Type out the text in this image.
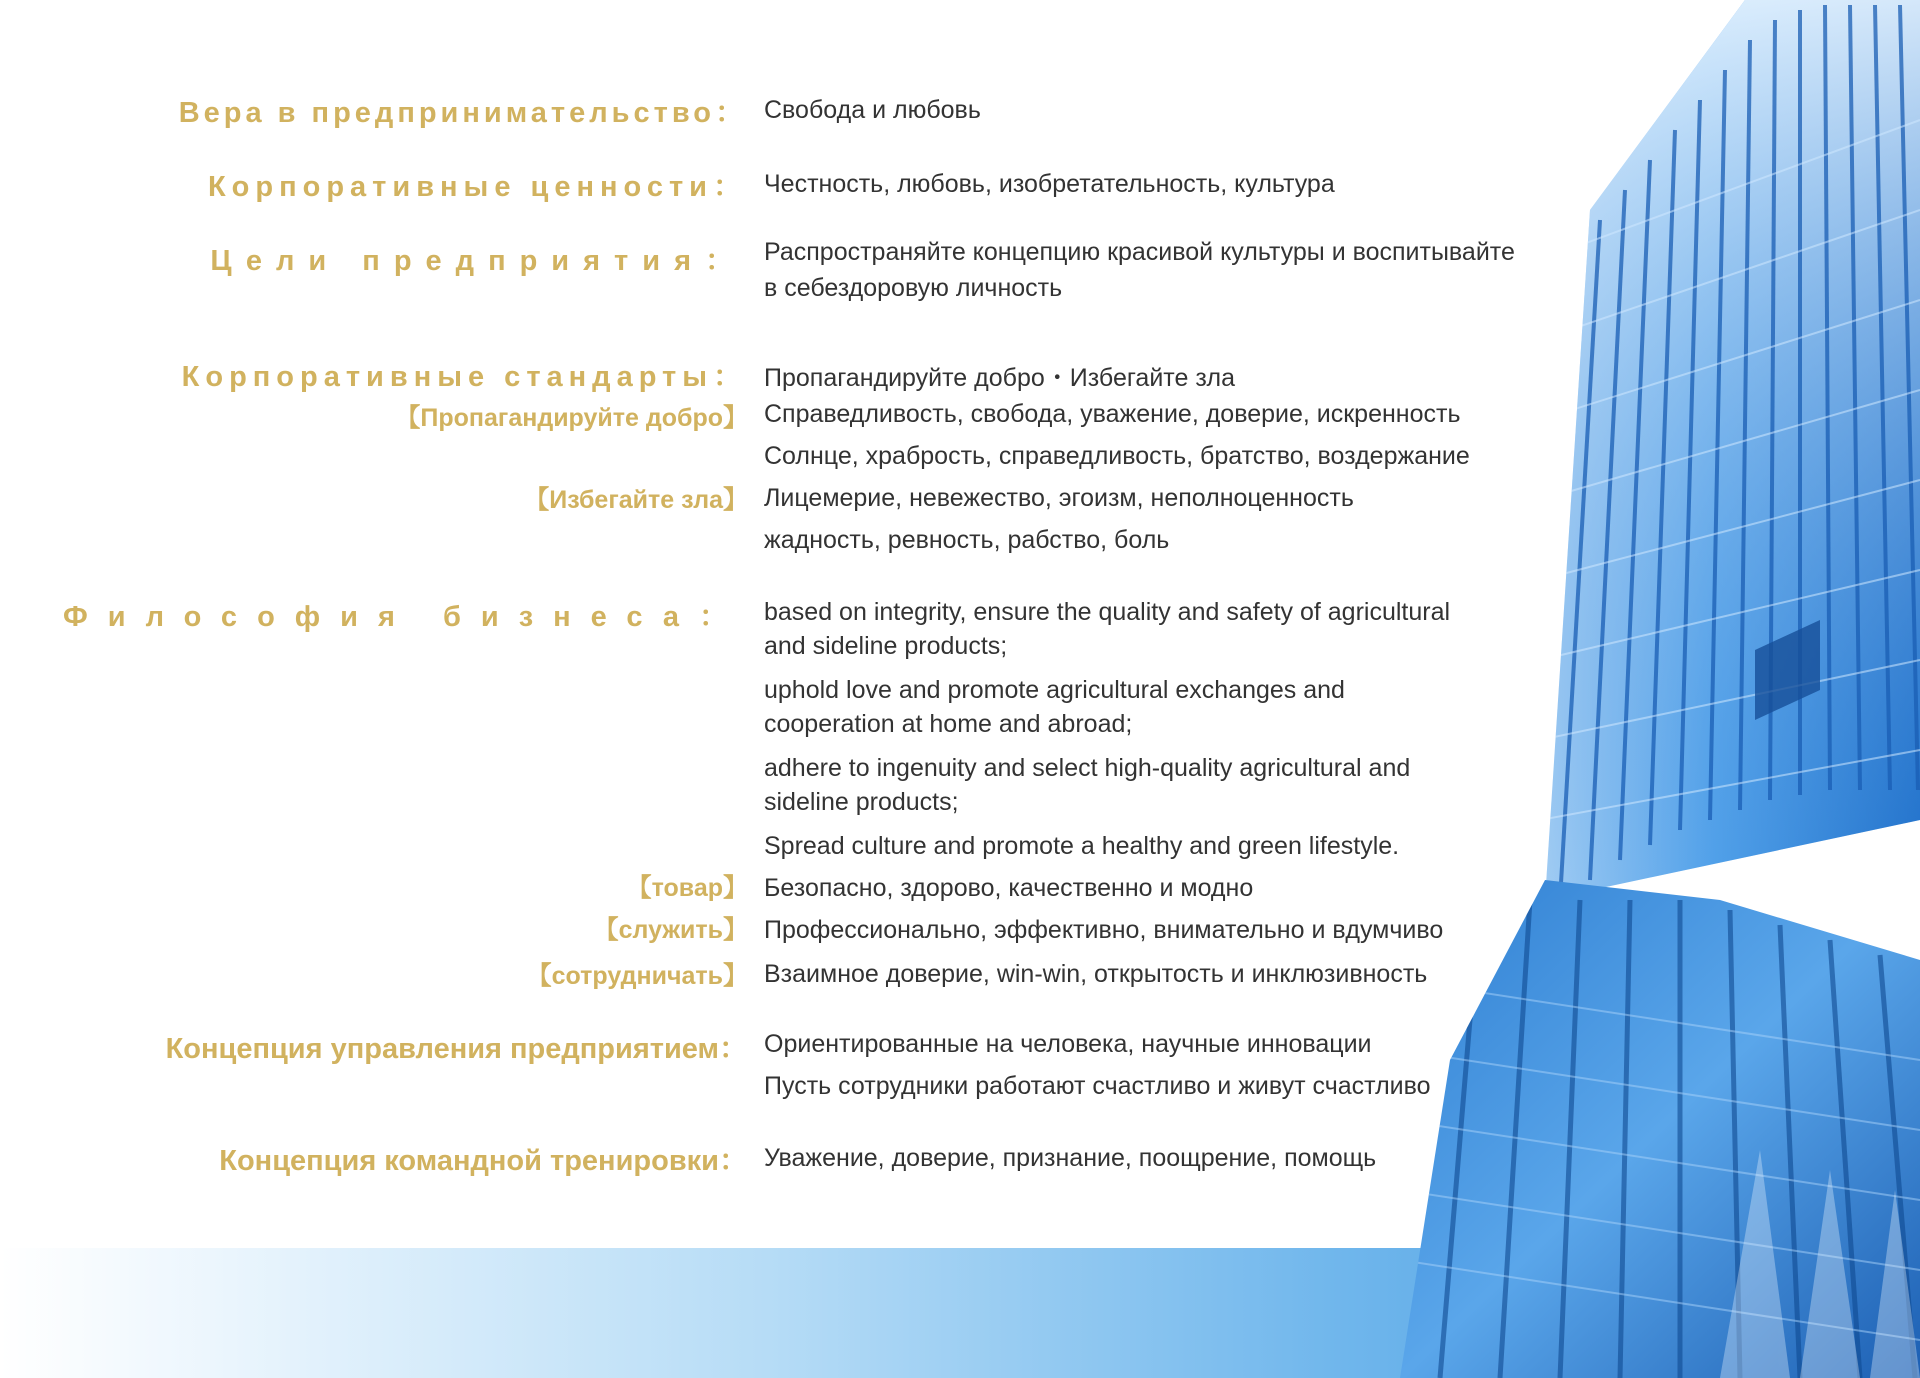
Вера в предпринимательство： Свобода и любовь
Корпоративные ценности： Честность, любовь, изобретательность, культура
Цели предприятия： Распространяйте концепцию красивой культуры и воспитывайте
в себездоровую личность
Корпоративные стандарты： Пропагандируйте добро・Избегайте зла
【Пропагандируйте добро】 Справедливость, свобода, уважение, доверие, искренность
Солнце, храбрость, справедливость, братство, воздержание
【Избегайте зла】 Лицемерие, невежество, эгоизм, неполноценность
жадность, ревность, рабство, боль
Философия бизнеса： based on integrity, ensure the quality and safety of agricultural
and sideline products;
uphold love and promote agricultural exchanges and
cooperation at home and abroad;
adhere to ingenuity and select high-quality agricultural and
sideline products;
Spread culture and promote a healthy and green lifestyle.
【товар】 Безопасно, здорово, качественно и модно
【служить】 Профессионально, эффективно, внимательно и вдумчиво
【сотрудничать】 Взаимное доверие, win-win, открытость и инклюзивность
Концепция управления предприятием： Ориентированные на человека, научные инновации
Пусть сотрудники работают счастливо и живут счастливо
Концепция командной тренировки： Уважение, доверие, признание, поощрение, помощь
